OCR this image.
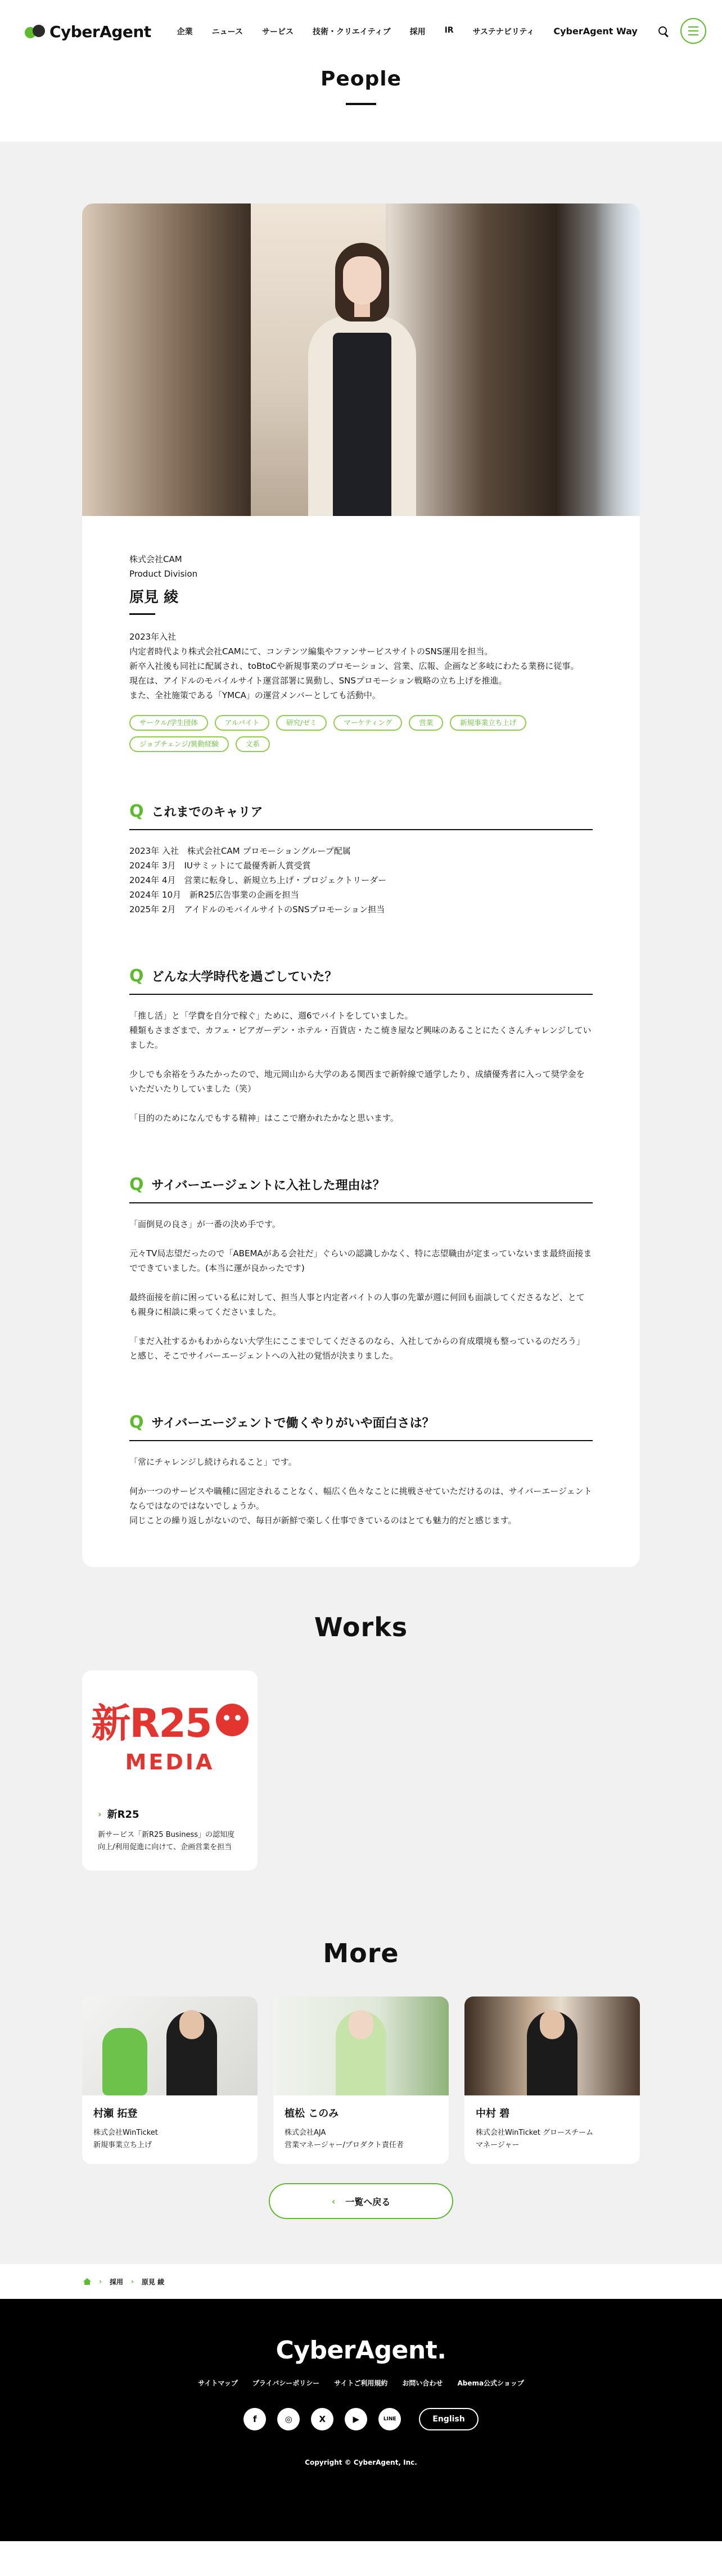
CyberAgent	企業 ニュース サービス 技術・クリエイティブ 採用 IR サステナビリティ CyberAgent Way
People
株式会社CAM
Product Division
原見 綾

2023年入社

内定者時代より株式会社CAMにて、コンテンツ編集やファンサービスサイトのSNS運用を担当。

新卒入社後も同社に配属され、toBtoCや新規事業のプロモーション、営業、広報、企画など多岐にわたる業務に従事。

現在は、アイドルのモバイルサイト運営部署に異動し、SNSプロモーション戦略の立ち上げを推進。

また、全社施策である「YMCA」の運営メンバーとしても活動中。

サークル/学生団体	アルバイト	研究/ゼミ	マーケティング	営業	新規事業立ち上げ
ジョブチェンジ/異動経験	文系
Q これまでのキャリア

2023年 入社　株式会社CAM プロモーショングループ配属

2024年 3月　IUサミットにて最優秀新人賞受賞

2024年 4月　営業に転身し、新規立ち上げ・プロジェクトリーダー

2024年 10月　新R25広告事業の企画を担当

2025年 2月　アイドルのモバイルサイトのSNSプロモーション担当

Q どんな大学時代を過ごしていた？

「推し活」と「学費を自分で稼ぐ」ために、週6でバイトをしていました。

種類もさまざまで、カフェ・ビアガーデン・ホテル・百貨店・たこ焼き屋など興味のあることにたくさんチャレンジしていました。

少しでも余裕をうみたかったので、地元岡山から大学のある関西まで新幹線で通学したり、成績優秀者に入って奨学金をいただいたりしていました（笑）

「目的のためになんでもする精神」はここで磨かれたかなと思います。

Q サイバーエージェントに入社した理由は？

「面倒見の良さ」が一番の決め手です。

元々TV局志望だったので「ABEMAがある会社だ」ぐらいの認識しかなく、特に志望職由が定まっていないまま最終面接までできていました。(本当に運が良かったです)

最終面接を前に困っている私に対して、担当人事と内定者バイトの人事の先輩が週に何回も面談してくださるなど、とても親身に相談に乗ってくださいました。

「まだ入社するかもわからない大学生にここまでしてくださるのなら、入社してからの育成環境も整っているのだろう」と感じ、そこでサイバーエージェントへの入社の覚悟が決まりました。

Q サイバーエージェントで働くやりがいや面白さは？

「常にチャレンジし続けられること」です。

何か一つのサービスや職種に固定されることなく、幅広く色々なことに挑戦させていただけるのは、サイバーエージェントならではなのではないでしょうか。

同じことの繰り返しがないので、毎日が新鮮で楽しく仕事できているのはとても魅力的だと感じます。

Works
新R25
MEDIA
› 新R25

新サービス「新R25 Business」の認知度向上/利用促進に向けて、企画営業を担当

More
村瀬 拓登

株式会社WinTicket
新規事業立ち上げ

植松 このみ

株式会社AJA
営業マネージャー/プロダクト責任者

中村 碧

株式会社WinTicket グロースチーム
マネージャー

‹ 一覧へ戻る
› 採用 › 原見 綾
CyberAgent.
サイトマップ プライバシーポリシー サイトご利用規約 お問い合わせ Abema公式ショップ
f	◎	X	▶	LINE	English
Copyright © CyberAgent, Inc.
